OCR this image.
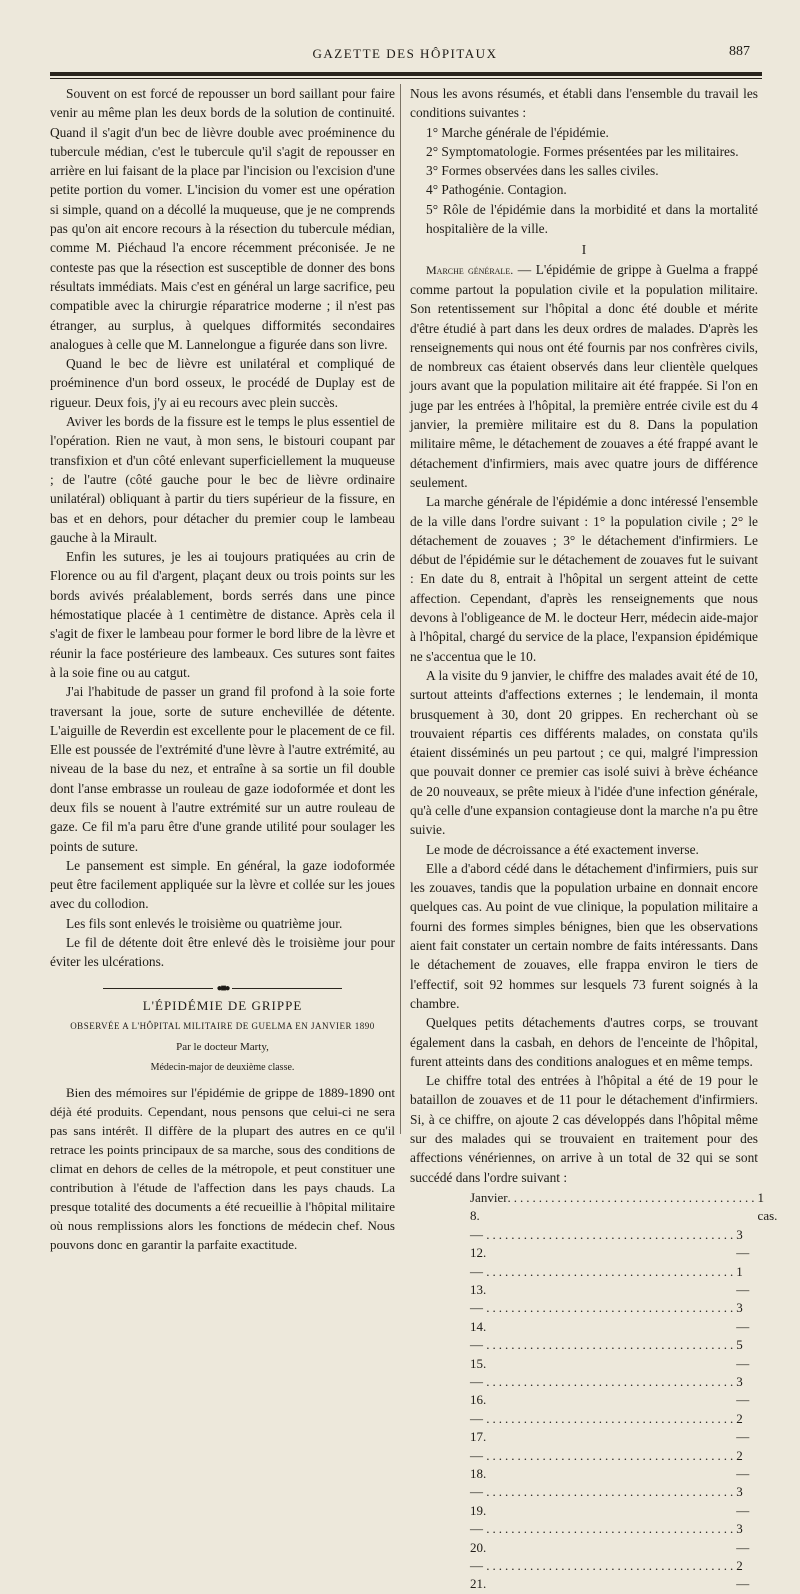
GAZETTE DES HÔPITAUX	887

Souvent on est forcé de repousser un bord saillant pour faire venir au même plan les deux bords de la solution de continuité. Quand il s'agit d'un bec de lièvre double avec proéminence du tubercule médian, c'est le tubercule qu'il s'agit de repousser en arrière en lui faisant de la place par l'incision ou l'excision d'une petite portion du vomer. L'incision du vomer est une opération si simple, quand on a décollé la muqueuse, que je ne comprends pas qu'on ait encore recours à la résection du tubercule médian, comme M. Piéchaud l'a encore récemment préconisée. Je ne conteste pas que la résection est susceptible de donner des bons résultats immédiats. Mais c'est en général un large sacrifice, peu compatible avec la chirurgie réparatrice moderne ; il n'est pas étranger, au surplus, à quelques difformités secondaires analogues à celle que M. Lannelongue a figurée dans son livre.

Quand le bec de lièvre est unilatéral et compliqué de proéminence d'un bord osseux, le procédé de Duplay est de rigueur. Deux fois, j'y ai eu recours avec plein succès.

Aviver les bords de la fissure est le temps le plus essentiel de l'opération. Rien ne vaut, à mon sens, le bistouri coupant par transfixion et d'un côté enlevant superficiellement la muqueuse ; de l'autre (côté gauche pour le bec de lièvre ordinaire unilatéral) obliquant à partir du tiers supérieur de la fissure, en bas et en dehors, pour détacher du premier coup le lambeau gauche à la Mirault.

Enfin les sutures, je les ai toujours pratiquées au crin de Florence ou au fil d'argent, plaçant deux ou trois points sur les bords avivés préalablement, bords serrés dans une pince hémostatique placée à 1 centimètre de distance. Après cela il s'agit de fixer le lambeau pour former le bord libre de la lèvre et réunir la face postérieure des lambeaux. Ces sutures sont faites à la soie fine ou au catgut.

J'ai l'habitude de passer un grand fil profond à la soie forte traversant la joue, sorte de suture enchevillée de détente. L'aiguille de Reverdin est excellente pour le placement de ce fil. Elle est poussée de l'extrémité d'une lèvre à l'autre extrémité, au niveau de la base du nez, et entraîne à sa sortie un fil double dont l'anse embrasse un rouleau de gaze iodoformée et dont les deux fils se nouent à l'autre extrémité sur un autre rouleau de gaze. Ce fil m'a paru être d'une grande utilité pour soulager les points de suture.

Le pansement est simple. En général, la gaze iodoformée peut être facilement appliquée sur la lèvre et collée sur les joues avec du collodion.

Les fils sont enlevés le troisième ou quatrième jour.

Le fil de détente doit être enlevé dès le troisième jour pour éviter les ulcérations.

●■●
L'ÉPIDÉMIE DE GRIPPE
OBSERVÉE A L'HÔPITAL MILITAIRE DE GUELMA EN JANVIER 1890
Par le docteur Marty,
Médecin-major de deuxième classe.

Bien des mémoires sur l'épidémie de grippe de 1889-1890 ont déjà été produits. Cependant, nous pensons que celui-ci ne sera pas sans intérêt. Il diffère de la plupart des autres en ce qu'il retrace les points principaux de sa marche, sous des conditions de climat en dehors de celles de la métropole, et peut constituer une contribution à l'étude de l'affection dans les pays chauds. La presque totalité des documents a été recueillie à l'hôpital militaire où nous remplissions alors les fonctions de médecin chef. Nous pouvons donc en garantir la parfaite exactitude.

Nous les avons résumés, et établi dans l'ensemble du travail les conditions suivantes :

1° Marche générale de l'épidémie.
2° Symptomatologie. Formes présentées par les militaires.
3° Formes observées dans les salles civiles.
4° Pathogénie. Contagion.
5° Rôle de l'épidémie dans la morbidité et dans la mortalité hospitalière de la ville.
I

Marche générale. — L'épidémie de grippe à Guelma a frappé comme partout la population civile et la population militaire. Son retentissement sur l'hôpital a donc été double et mérite d'être étudié à part dans les deux ordres de malades. D'après les renseignements qui nous ont été fournis par nos confrères civils, de nombreux cas étaient observés dans leur clientèle quelques jours avant que la population militaire ait été frappée. Si l'on en juge par les entrées à l'hôpital, la première entrée civile est du 4 janvier, la première militaire est du 8. Dans la population militaire même, le détachement de zouaves a été frappé avant le détachement d'infirmiers, mais avec quatre jours de différence seulement.

La marche générale de l'épidémie a donc intéressé l'ensemble de la ville dans l'ordre suivant : 1° la population civile ; 2° le détachement de zouaves ; 3° le détachement d'infirmiers. Le début de l'épidémie sur le détachement de zouaves fut le suivant : En date du 8, entrait à l'hôpital un sergent atteint de cette affection. Cependant, d'après les renseignements que nous devons à l'obligeance de M. le docteur Herr, médecin aide-major à l'hôpital, chargé du service de la place, l'expansion épidémique ne s'accentua que le 10.

A la visite du 9 janvier, le chiffre des malades avait été de 10, surtout atteints d'affections externes ; le lendemain, il monta brusquement à 30, dont 20 grippes. En recherchant où se trouvaient répartis ces différents malades, on constata qu'ils étaient disséminés un peu partout ; ce qui, malgré l'impression que pouvait donner ce premier cas isolé suivi à brève échéance de 20 nouveaux, se prête mieux à l'idée d'une infection générale, qu'à celle d'une expansion contagieuse dont la marche n'a pu être suivie.

Le mode de décroissance a été exactement inverse.

Elle a d'abord cédé dans le détachement d'infirmiers, puis sur les zouaves, tandis que la population urbaine en donnait encore quelques cas. Au point de vue clinique, la population militaire a fourni des formes simples bénignes, bien que les observations aient fait constater un certain nombre de faits intéressants. Dans le détachement de zouaves, elle frappa environ le tiers de l'effectif, soit 92 hommes sur lesquels 73 furent soignés à la chambre.

Quelques petits détachements d'autres corps, se trouvant également dans la casbah, en dehors de l'enceinte de l'hôpital, furent atteints dans des conditions analogues et en même temps.

Le chiffre total des entrées à l'hôpital a été de 19 pour le bataillon de zouaves et de 11 pour le détachement d'infirmiers. Si, à ce chiffre, on ajoute 2 cas développés dans l'hôpital même sur des malades qui se trouvaient en traitement pour des affections vénériennes, on arrive à un total de 32 qui se sont succédé dans l'ordre suivant :

Janvier 8.
........................................ 1 cas.
— 12.
........................................ 3 —
— 13.
........................................ 1 —
— 14.
........................................ 3 —
— 15.
........................................ 5 —
— 16.
........................................ 3 —
— 17.
........................................ 2 —
— 18.
........................................ 2 —
— 19.
........................................ 3 —
— 20.
........................................ 3 —
— 21.
........................................ 2 —
